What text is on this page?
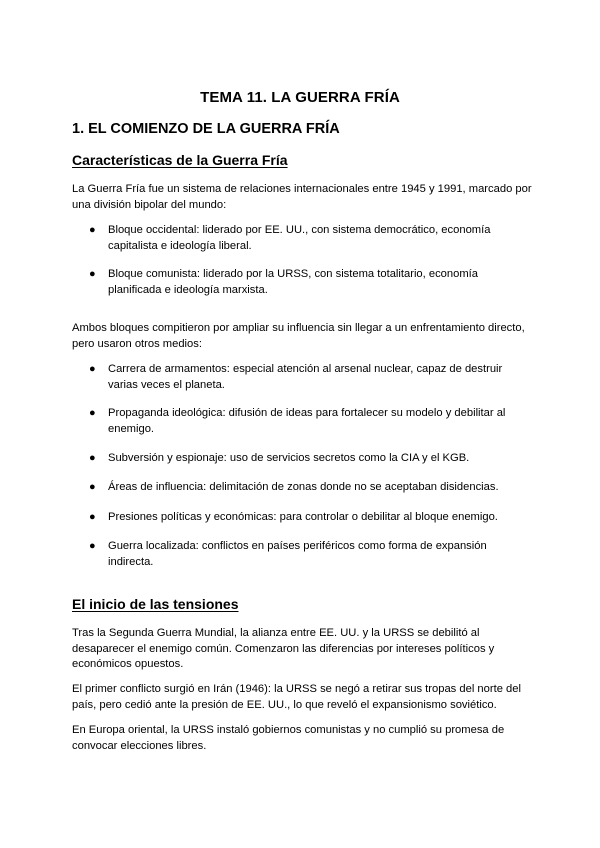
TEMA 11. LA GUERRA FRÍA
1. EL COMIENZO DE LA GUERRA FRÍA
Características de la Guerra Fría

La Guerra Fría fue un sistema de relaciones internacionales entre 1945 y 1991, marcado por una división bipolar del mundo:

● Bloque occidental: liderado por EE. UU., con sistema democrático, economía capitalista e ideología liberal.
● Bloque comunista: liderado por la URSS, con sistema totalitario, economía planificada e ideología marxista.

Ambos bloques compitieron por ampliar su influencia sin llegar a un enfrentamiento directo, pero usaron otros medios:

● Carrera de armamentos: especial atención al arsenal nuclear, capaz de destruir varias veces el planeta.
● Propaganda ideológica: difusión de ideas para fortalecer su modelo y debilitar al enemigo.
● Subversión y espionaje: uso de servicios secretos como la CIA y el KGB.
● Áreas de influencia: delimitación de zonas donde no se aceptaban disidencias.
● Presiones políticas y económicas: para controlar o debilitar al bloque enemigo.
● Guerra localizada: conflictos en países periféricos como forma de expansión indirecta.
El inicio de las tensiones

Tras la Segunda Guerra Mundial, la alianza entre EE. UU. y la URSS se debilitó al desaparecer el enemigo común. Comenzaron las diferencias por intereses políticos y económicos opuestos.

El primer conflicto surgió en Irán (1946): la URSS se negó a retirar sus tropas del norte del país, pero cedió ante la presión de EE. UU., lo que reveló el expansionismo soviético.

En Europa oriental, la URSS instaló gobiernos comunistas y no cumplió su promesa de convocar elecciones libres.
